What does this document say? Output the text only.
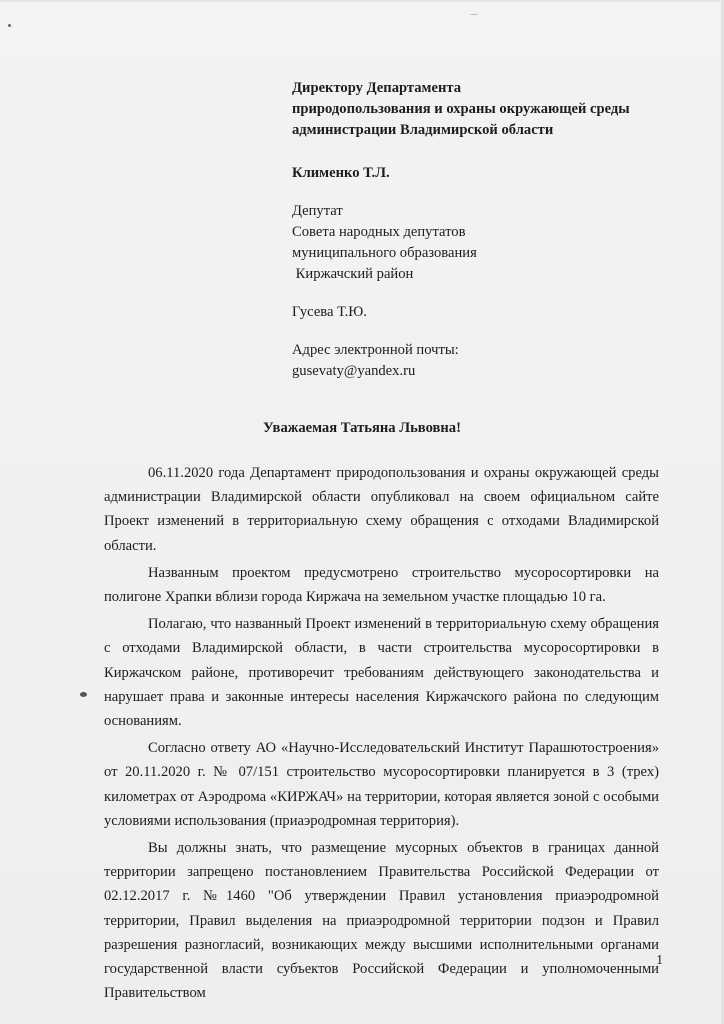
Директору Департамента
природопользования и охраны окружающей среды
администрации Владимирской области
Клименко Т.Л.
Депутат
Совета народных депутатов
муниципального образования
Киржачский район
Гусева Т.Ю.
Адрес электронной почты:
gusevaty@yandex.ru
Уважаемая Татьяна Львовна!
06.11.2020 года Департамент природопользования и охраны окружающей среды администрации Владимирской области опубликовал на своем официальном сайте Проект изменений в территориальную схему обращения с отходами Владимирской области.
Названным проектом предусмотрено строительство мусоросортировки на полигоне Храпки вблизи города Киржача на земельном участке площадью 10 га.
Полагаю, что названный Проект изменений в территориальную схему обращения с отходами Владимирской области, в части строительства мусоросортировки в Киржачском районе, противоречит требованиям действующего законодательства и нарушает права и законные интересы населения Киржачского района по следующим основаниям.
Согласно ответу АО «Научно-Исследовательский Институт Парашютостроения» от 20.11.2020 г. № 07/151 строительство мусоросортировки планируется в 3 (трех) километрах от Аэродрома «КИРЖАЧ» на территории, которая является зоной с особыми условиями использования (приаэродромная территория).
Вы должны знать, что размещение мусорных объектов в границах данной территории запрещено постановлением Правительства Российской Федерации от 02.12.2017 г. №1460 "Об утверждении Правил установления приаэродромной территории, Правил выделения на приаэродромной территории подзон и Правил разрешения разногласий, возникающих между высшими исполнительными органами государственной власти субъектов Российской Федерации и уполномоченными Правительством
1
